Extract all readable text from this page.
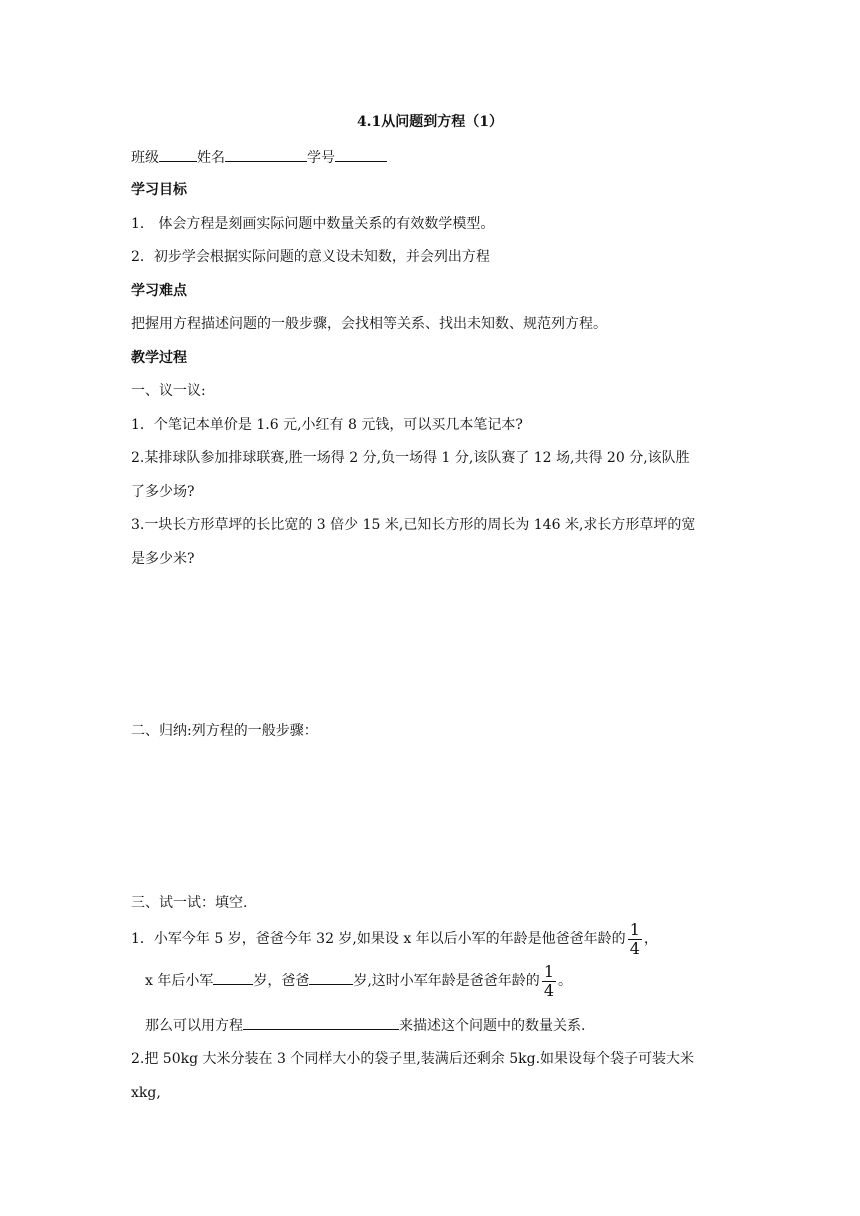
4.1从问题到方程（1）
班级	姓名	学号
学习目标
1． 体会方程是刻画实际问题中数量关系的有效数学模型。
2．初步学会根据实际问题的意义设未知数，并会列出方程
学习难点
把握用方程描述问题的一般步骤，会找相等关系、找出未知数、规范列方程。
教学过程
一、议一议:
1．个笔记本单价是 1.6 元,小红有 8 元钱，可以买几本笔记本?
2.某排球队参加排球联赛,胜一场得 2 分,负一场得 1 分,该队赛了 12 场,共得 20 分,该队胜
了多少场?
3.一块长方形草坪的长比宽的 3 倍少 15 米,已知长方形的周长为 146 米,求长方形草坪的宽
是多少米?
二、归纳:列方程的一般步骤：
三、试一试：填空.
1．小军今年 5 岁，爸爸今年 32 岁,如果设 x 年以后小军的年龄是他爸爸年龄的 $\frac{1}{4}$ ，
x 年后小军	岁，爸爸	岁,这时小军年龄是爸爸年龄的 $\frac{1}{4}$ 。
那么可以用方程	来描述这个问题中的数量关系.
2.把 50kg 大米分装在 3 个同样大小的袋子里,装满后还剩余 5kg.如果设每个袋子可装大米
xkg,
